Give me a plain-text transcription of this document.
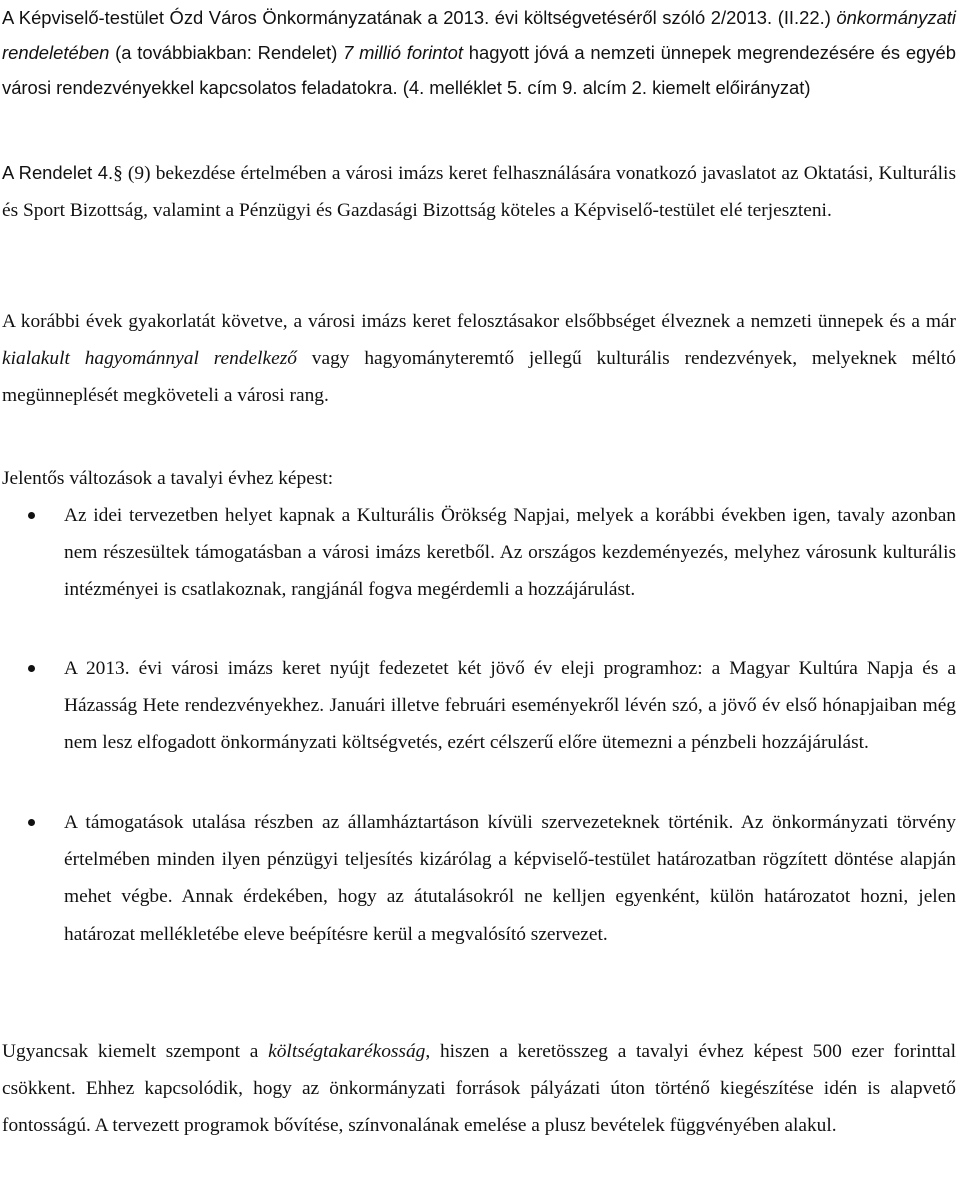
A Képviselő-testület Ózd Város Önkormányzatának a 2013. évi költségvetéséről szóló 2/2013. (II.22.) önkormányzati rendeletében (a továbbiakban: Rendelet) 7 millió forintot hagyott jóvá a nemzeti ünnepek megrendezésére és egyéb városi rendezvényekkel kapcsolatos feladatokra. (4. melléklet 5. cím 9. alcím 2. kiemelt előirányzat)

A Rendelet 4.§ (9) bekezdése értelmében a városi imázs keret felhasználására vonatkozó javaslatot az Oktatási, Kulturális és Sport Bizottság, valamint a Pénzügyi és Gazdasági Bizottság köteles a Képviselő-testület elé terjeszteni.

A korábbi évek gyakorlatát követve, a városi imázs keret felosztásakor elsőbbséget élveznek a nemzeti ünnepek és a már kialakult hagyománnyal rendelkező vagy hagyományteremtő jellegű kulturális rendezvények, melyeknek méltó megünneplését megköveteli a városi rang.

Jelentős változások a tavalyi évhez képest:

Az idei tervezetben helyet kapnak a Kulturális Örökség Napjai, melyek a korábbi években igen, tavaly azonban nem részesültek támogatásban a városi imázs keretből. Az országos kezdeményezés, melyhez városunk kulturális intézményei is csatlakoznak, rangjánál fogva megérdemli a hozzájárulást.

A 2013. évi városi imázs keret nyújt fedezetet két jövő év eleji programhoz: a Magyar Kultúra Napja és a Házasság Hete rendezvényekhez. Januári illetve februári eseményekről lévén szó, a jövő év első hónapjaiban még nem lesz elfogadott önkormányzati költségvetés, ezért célszerű előre ütemezni a pénzbeli hozzájárulást.

A támogatások utalása részben az államháztartáson kívüli szervezeteknek történik. Az önkormányzati törvény értelmében minden ilyen pénzügyi teljesítés kizárólag a képviselő-testület határozatban rögzített döntése alapján mehet végbe. Annak érdekében, hogy az átutalásokról ne kelljen egyenként, külön határozatot hozni, jelen határozat mellékletébe eleve beépítésre kerül a megvalósító szervezet.

Ugyancsak kiemelt szempont a költségtakarékosság, hiszen a keretösszeg a tavalyi évhez képest 500 ezer forinttal csökkent. Ehhez kapcsolódik, hogy az önkormányzati források pályázati úton történő kiegészítése idén is alapvető fontosságú. A tervezett programok bővítése, színvonalának emelése a plusz bevételek függvényében alakul.
